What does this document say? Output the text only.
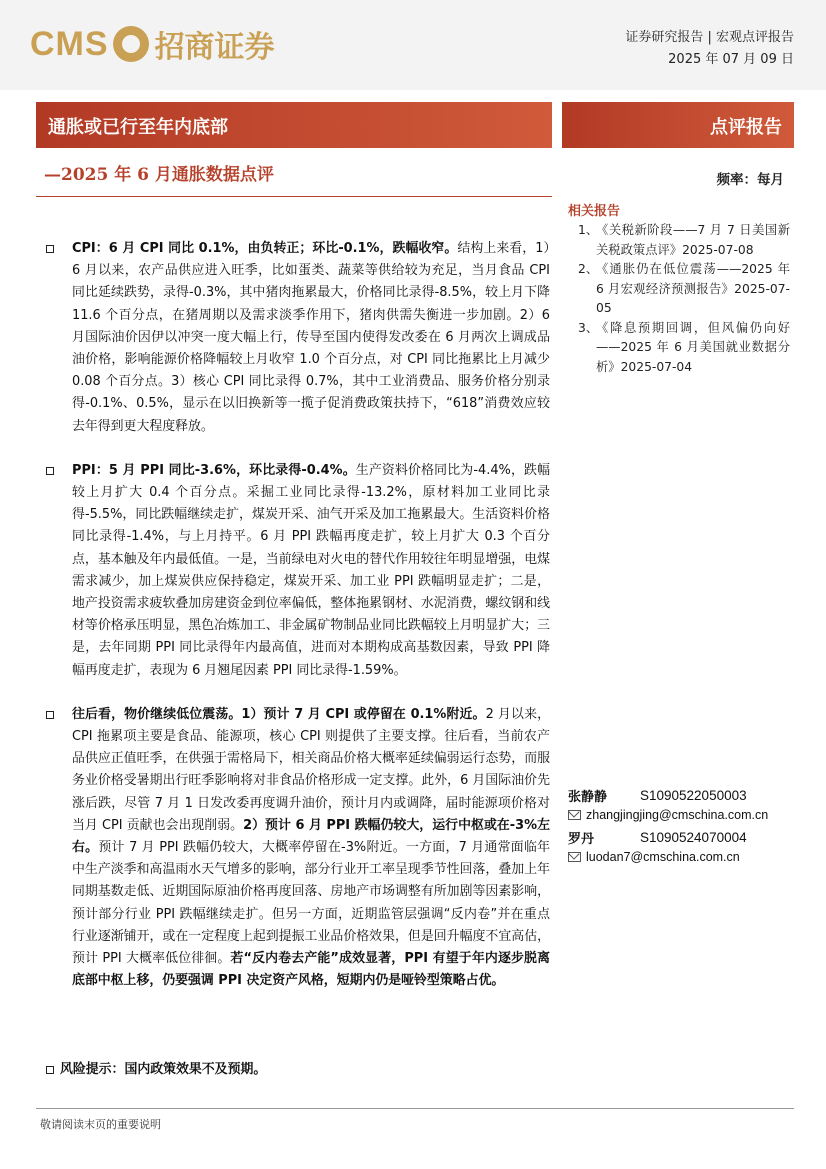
CMS 招商证券	证券研究报告 | 宏观点评报告
2025 年 07 月 09 日
通胀或已行至年内底部	点评报告
—2025 年 6 月通胀数据点评	频率：每月
CPI：6 月 CPI 同比 0.1%，由负转正；环比-0.1%，跌幅收窄。结构上来看，1）6 月以来，农产品供应进入旺季，比如蛋类、蔬菜等供给较为充足，当月食品 CPI 同比延续跌势，录得-0.3%，其中猪肉拖累最大，价格同比录得-8.5%，较上月下降 11.6 个百分点，在猪周期以及需求淡季作用下，猪肉供需失衡进一步加剧。2）6 月国际油价因伊以冲突一度大幅上行，传导至国内使得发改委在 6 月两次上调成品油价格，影响能源价格降幅较上月收窄 1.0 个百分点，对 CPI 同比拖累比上月减少 0.08 个百分点。3）核心 CPI 同比录得 0.7%，其中工业消费品、服务价格分别录得-0.1%、0.5%，显示在以旧换新等一揽子促消费政策扶持下，“618”消费效应较去年得到更大程度释放。
PPI：5 月 PPI 同比-3.6%，环比录得-0.4%。生产资料价格同比为-4.4%，跌幅较上月扩大 0.4 个百分点。采掘工业同比录得-13.2%，原材料加工业同比录得-5.5%，同比跌幅继续走扩，煤炭开采、油气开采及加工拖累最大。生活资料价格同比录得-1.4%，与上月持平。6 月 PPI 跌幅再度走扩，较上月扩大 0.3 个百分点，基本触及年内最低值。一是，当前绿电对火电的替代作用较往年明显增强，电煤需求减少，加上煤炭供应保持稳定，煤炭开采、加工业 PPI 跌幅明显走扩；二是，地产投资需求疲软叠加房建资金到位率偏低，整体拖累钢材、水泥消费，螺纹钢和线材等价格承压明显，黑色冶炼加工、非金属矿物制品业同比跌幅较上月明显扩大；三是，去年同期 PPI 同比录得年内最高值，进而对本期构成高基数因素，导致 PPI 降幅再度走扩，表现为 6 月翘尾因素 PPI 同比录得-1.59%。
往后看，物价继续低位震荡。1）预计 7 月 CPI 或停留在 0.1%附近。2 月以来，CPI 拖累项主要是食品、能源项，核心 CPI 则提供了主要支撑。往后看，当前农产品供应正值旺季，在供强于需格局下，相关商品价格大概率延续偏弱运行态势，而服务业价格受暑期出行旺季影响将对非食品价格形成一定支撑。此外，6 月国际油价先涨后跌，尽管 7 月 1 日发改委再度调升油价，预计月内或调降，届时能源项价格对当月 CPI 贡献也会出现削弱。2）预计 6 月 PPI 跌幅仍较大，运行中枢或在-3%左右。预计 7 月 PPI 跌幅仍较大，大概率停留在-3%附近。一方面，7 月通常面临年中生产淡季和高温雨水天气增多的影响，部分行业开工率呈现季节性回落，叠加上年同期基数走低、近期国际原油价格再度回落、房地产市场调整有所加剧等因素影响，预计部分行业 PPI 跌幅继续走扩。但另一方面，近期监管层强调“反内卷”并在重点行业逐渐铺开，或在一定程度上起到提振工业品价格效果，但是回升幅度不宜高估，预计 PPI 大概率低位徘徊。若“反内卷去产能”成效显著，PPI 有望于年内逐步脱离底部中枢上移，仍要强调 PPI 决定资产风格，短期内仍是哑铃型策略占优。
风险提示：国内政策效果不及预期。
相关报告
1、
《关税新阶段——7 月 7 日美国新关税政策点评》2025-07-08
2、
《通胀仍在低位震荡——2025 年 6 月宏观经济预测报告》2025-07-05
3、
《降息预期回调，但风偏仍向好——2025 年 6 月美国就业数据分析》2025-07-04
张静静	S1090522050003
zhangjingjing@cmschina.com.cn
罗丹	S1090524070004
luodan7@cmschina.com.cn
敬请阅读末页的重要说明
